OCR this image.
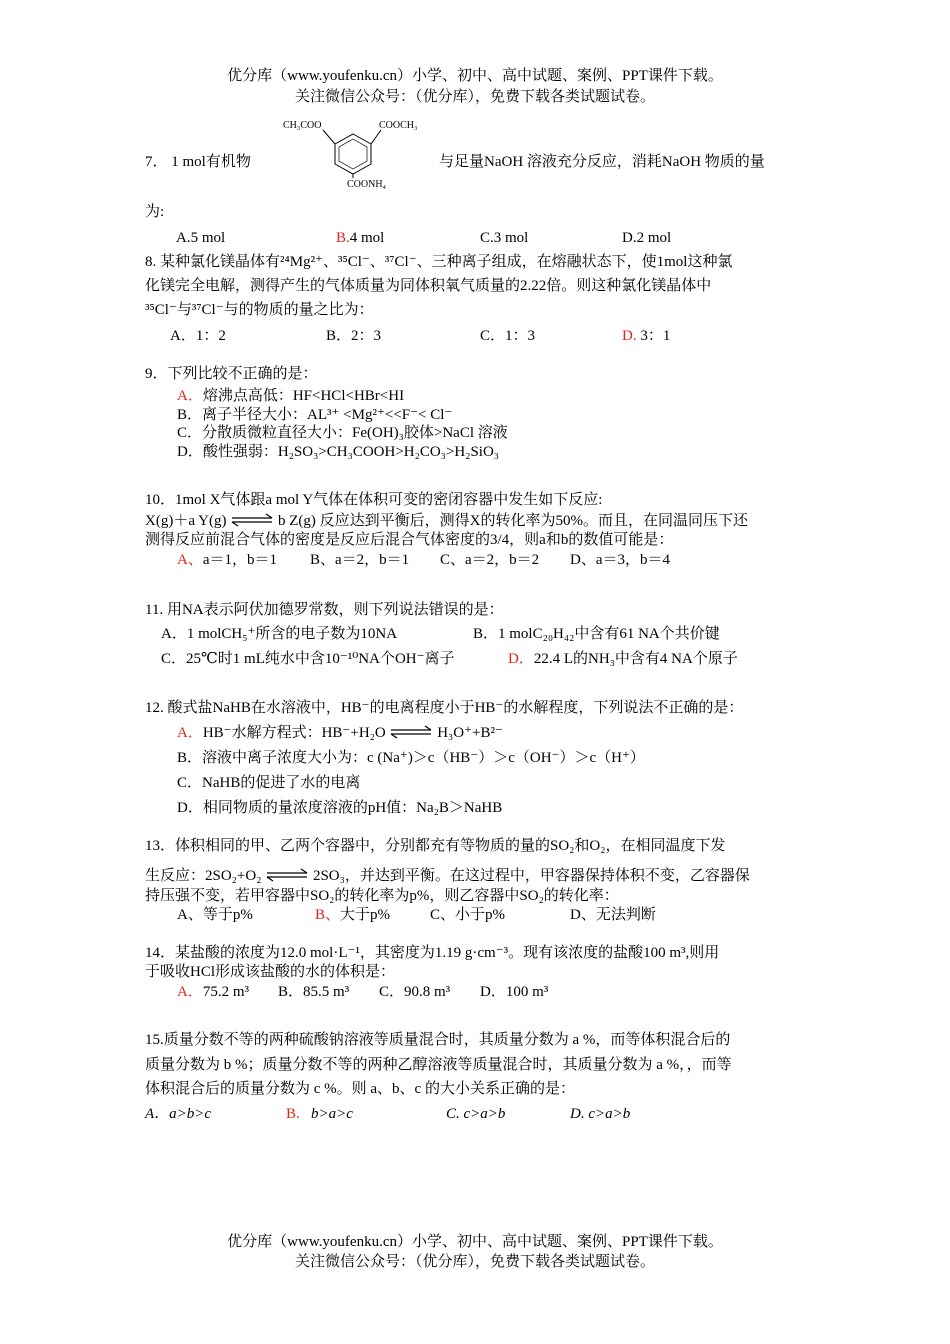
优分库（www.youfenku.cn）小学、初中、高中试题、案例、PPT课件下载。
关注微信公众号：（优分库），免费下载各类试题试卷。
CH₃COO	COOCH₃
COONH₄
7． 1 mol有机物	与足量NaOH 溶液充分反应，消耗NaOH 物质的量
为:
A.5 mol	B.4 mol	C.3 mol	D.2 mol
8. 某种氯化镁晶体有²⁴Mg²⁺、³⁵Cl⁻、³⁷Cl⁻、三种离子组成，在熔融状态下，使1mol这种氯
化镁完全电解，测得产生的气体质量为同体积氧气质量的2.22倍。则这种氯化镁晶体中
³⁵Cl⁻与³⁷Cl⁻与的物质的量之比为：
A．1：2	B．2：3	C．1：3	D. 3：1
9．下列比较不正确的是：
A．熔沸点高低：HF<HCl<HBr<HI
B．离子半径大小：AL³⁺ <Mg²⁺<<F⁻< Cl⁻
C．分散质微粒直径大小：Fe(OH)₃胶体>NaCl 溶液
D．酸性强弱：H₂SO₃>CH₃COOH>H₂CO₃>H₂SiO₃
10．1mol X气体跟a mol Y气体在体积可变的密闭容器中发生如下反应:
X(g)＋a Y(g) ⇌ b Z(g) 反应达到平衡后，测得X的转化率为50%。而且，在同温同压下还
测得反应前混合气体的密度是反应后混合气体密度的3/4，则a和b的数值可能是：
A、a＝1，b＝1 B、a＝2，b＝1 C、a＝2，b＝2 D、a＝3，b＝4
11. 用NA表示阿伏加德罗常数，则下列说法错误的是：
A．1 molCH₅⁺所含的电子数为10NA	B．1 molC₂₀H₄₂中含有61 NA个共价键
C．25℃时1 mL纯水中含10⁻¹⁰NA个OH⁻离子	D．22.4 L的NH₃中含有4 NA个原子
12. 酸式盐NaHB在水溶液中，HB⁻的电离程度小于HB⁻的水解程度，下列说法不正确的是：
A．HB⁻水解方程式：HB⁻+H₂O ⇌ H₃O⁺+B²⁻
B．溶液中离子浓度大小为：c (Na⁺)＞c（HB⁻）＞c（OH⁻）＞c（H⁺）
C．NaHB的促进了水的电离
D．相同物质的量浓度溶液的pH值：Na₂B＞NaHB
13．体积相同的甲、乙两个容器中，分别都充有等物质的量的SO₂和O₂，在相同温度下发
生反应：2SO₂+O₂ ⇌ 2SO₃，并达到平衡。在这过程中，甲容器保持体积不变，乙容器保
持压强不变，若甲容器中SO₂的转化率为p%，则乙容器中SO₂的转化率：
A、等于p%	B、大于p%	C、小于p%	D、无法判断
14．某盐酸的浓度为12.0 mol·L⁻¹，其密度为1.19 g·cm⁻³。现有该浓度的盐酸100 m³,则用
于吸收HCl形成该盐酸的水的体积是：
A．75.2 m³ B．85.5 m³ C．90.8 m³ D．100 m³
15.质量分数不等的两种硫酸钠溶液等质量混合时，其质量分数为 a %，而等体积混合后的
质量分数为 b %；质量分数不等的两种乙醇溶液等质量混合时，其质量分数为 a %，，而等
体积混合后的质量分数为 c %。则 a、b、c 的大小关系正确的是：
A．a>b>c	B. b>a>c	C. c>a>b	D. c>a>b
优分库（www.youfenku.cn）小学、初中、高中试题、案例、PPT课件下载。
关注微信公众号：（优分库），免费下载各类试题试卷。
